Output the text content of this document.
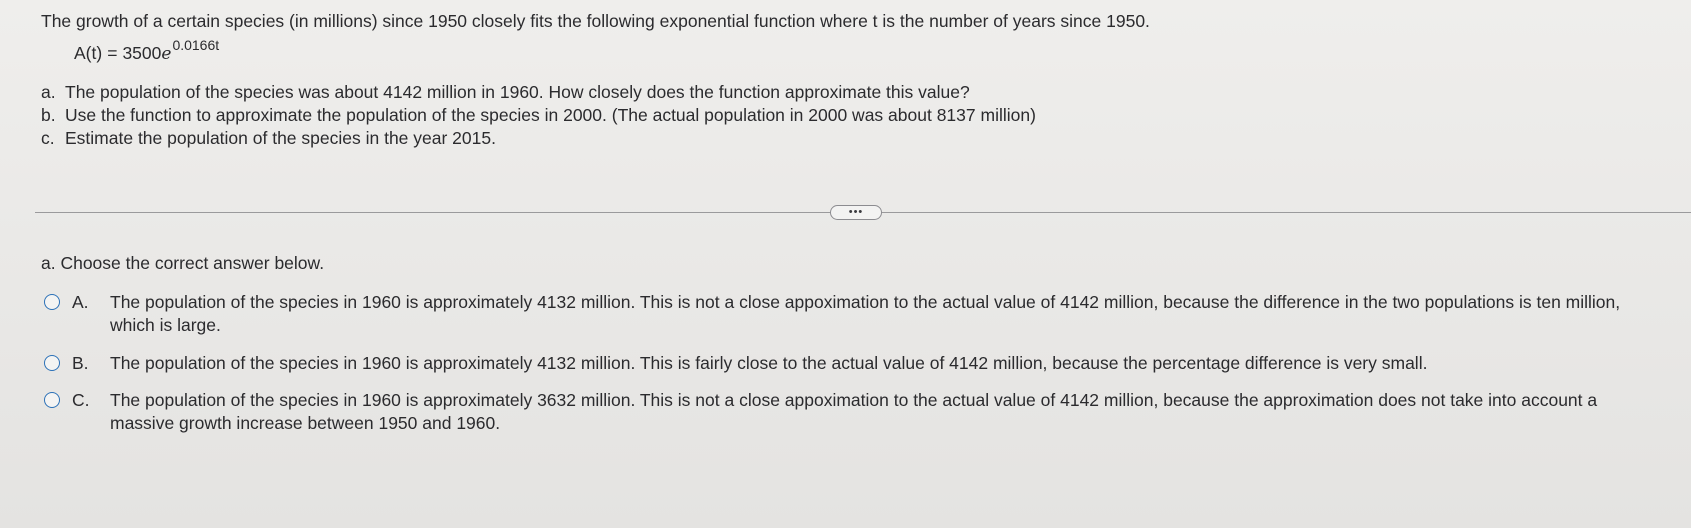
The growth of a certain species (in millions) since 1950 closely fits the following exponential function where t is the number of years since 1950.

A(t) = 3500 e 0.0166t
a. The population of the species was about 4142 million in 1960. How closely does the function approximate this value?
b. Use the function to approximate the population of the species in 2000. (The actual population in 2000 was about 8137 million)
c. Estimate the population of the species in the year 2015.
•••

a. Choose the correct answer below.

A.	The population of the species in 1960 is approximately 4132 million. This is not a close appoximation to the actual value of 4142 million, because the difference in the two populations is ten million, which is large.
B.	The population of the species in 1960 is approximately 4132 million. This is fairly close to the actual value of 4142 million, because the percentage difference is very small.
C.	The population of the species in 1960 is approximately 3632 million. This is not a close appoximation to the actual value of 4142 million, because the approximation does not take into account a massive growth increase between 1950 and 1960.
